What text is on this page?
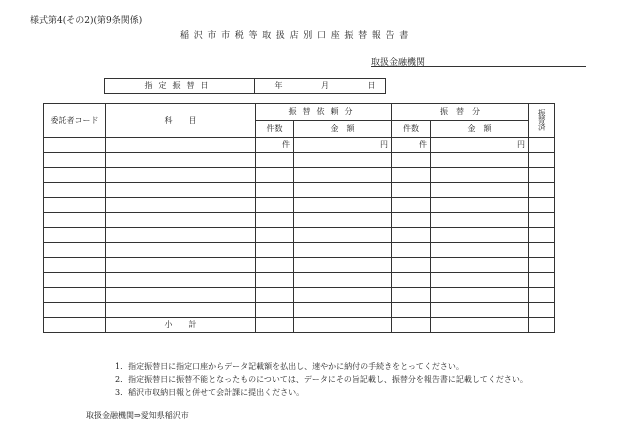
様式第4(その2)(第9条関係)
稲沢市市税等取扱店別口座振替報告書
取扱金融機関
指定振替日	年	月	日
委託者コード	科　　目	振替依頼分		振　替　分		振替済
		件数	金　額	件数	金　額	
		件	円	件	円	

	小　　計					
1．指定振替日に指定口座からデータ記載額を払出し、速やかに納付の手続きをとってください。
2．指定振替日に振替不能となったものについては、データにその旨記載し、振替分を報告書に記載してください。
3．稲沢市収納日報と併せて会計課に提出ください。
取扱金融機関⇒愛知県稲沢市
